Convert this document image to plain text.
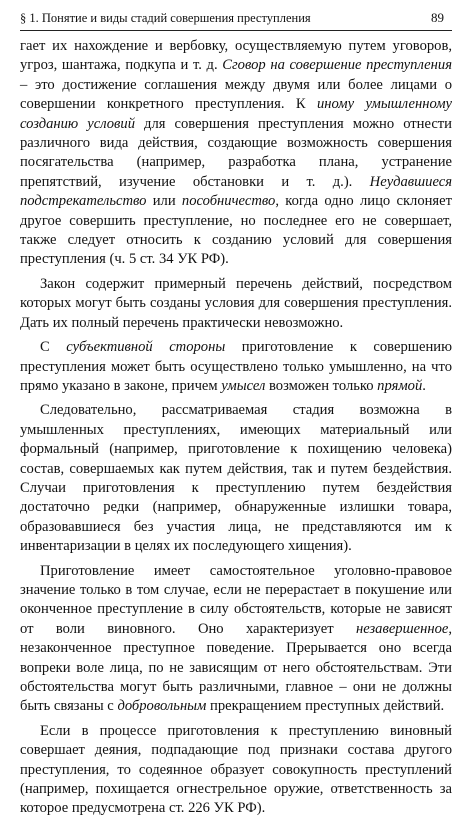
§ 1. Понятие и виды стадий совершения преступления	89

гает их нахождение и вербовку, осуществляемую путем уговоров, угроз, шантажа, подкупа и т. д. Сговор на совершение преступления – это достижение соглашения между двумя или более лицами о совершении конкретного преступления. К иному умышленному созданию условий для совершения преступления можно отнести различного вида действия, создающие возможность совершения посягательства (например, разработка плана, устранение препятствий, изучение обстановки и т. д.). Неудавшиеся подстрекательство или пособничество, когда одно лицо склоняет другое совершить преступление, но последнее его не совершает, также следует относить к созданию условий для совершения преступления (ч. 5 ст. 34 УК РФ).

Закон содержит примерный перечень действий, посредством которых могут быть созданы условия для совершения преступления. Дать их полный перечень практически невозможно.

С субъективной стороны приготовление к совершению преступления может быть осуществлено только умышленно, на что прямо указано в законе, причем умысел возможен только прямой.

Следовательно, рассматриваемая стадия возможна в умышленных преступлениях, имеющих материальный или формальный (например, приготовление к похищению человека) состав, совершаемых как путем действия, так и путем бездействия. Случаи приготовления к преступлению путем бездействия достаточно редки (например, обнаруженные излишки товара, образовавшиеся без участия лица, не представляются им к инвентаризации в целях их последующего хищения).

Приготовление имеет самостоятельное уголовно-правовое значение только в том случае, если не перерастает в покушение или оконченное преступление в силу обстоятельств, которые не зависят от воли виновного. Оно характеризует незавершенное, незаконченное преступное поведение. Прерывается оно всегда вопреки воле лица, по не зависящим от него обстоятельствам. Эти обстоятельства могут быть различными, главное – они не должны быть связаны с добровольным прекращением преступных действий.

Если в процессе приготовления к преступлению виновный совершает деяния, подпадающие под признаки состава другого преступления, то содеянное образует совокупность преступлений (например, похищается огнестрельное оружие, ответственность за которое предусмотрена ст. 226 УК РФ).
